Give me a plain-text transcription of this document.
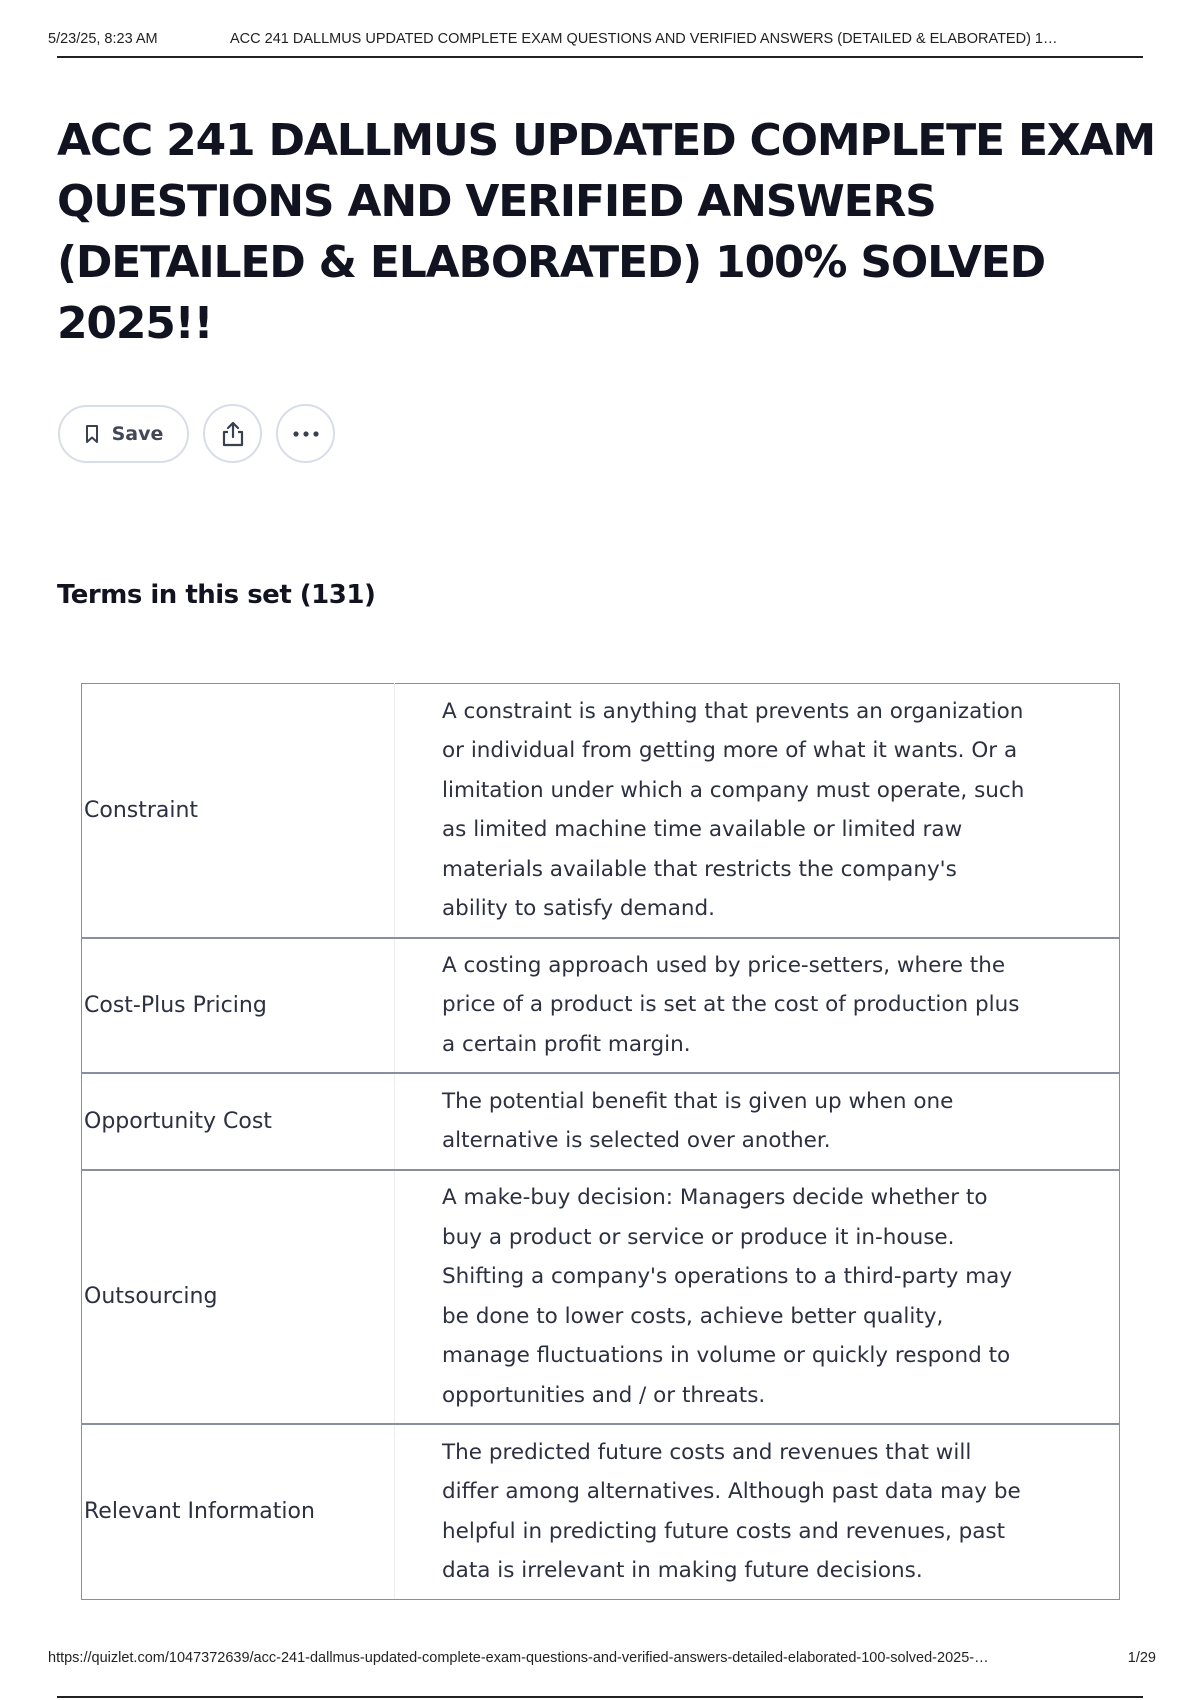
5/23/25, 8:23 AM	ACC 241 DALLMUS UPDATED COMPLETE EXAM QUESTIONS AND VERIFIED ANSWERS (DETAILED & ELABORATED) 1…
ACC 241 DALLMUS UPDATED COMPLETE EXAM QUESTIONS AND VERIFIED ANSWERS (DETAILED & ELABORATED) 100% SOLVED 2025!!
Save
Terms in this set (131)
Constraint	A constraint is anything that prevents an organization or individual from getting more of what it wants. Or a limitation under which a company must operate, such as limited machine time available or limited raw materials available that restricts the company's ability to satisfy demand.
Cost-Plus Pricing	A costing approach used by price-setters, where the price of a product is set at the cost of production plus a certain profit margin.
Opportunity Cost	The potential benefit that is given up when one alternative is selected over another.
Outsourcing	A make-buy decision: Managers decide whether to buy a product or service or produce it in-house. Shifting a company's operations to a third-party may be done to lower costs, achieve better quality, manage fluctuations in volume or quickly respond to opportunities and / or threats.
Relevant Information	The predicted future costs and revenues that will differ among alternatives. Although past data may be helpful in predicting future costs and revenues, past data is irrelevant in making future decisions.
https://quizlet.com/1047372639/acc-241-dallmus-updated-complete-exam-questions-and-verified-answers-detailed-elaborated-100-solved-2025-…	1/29
